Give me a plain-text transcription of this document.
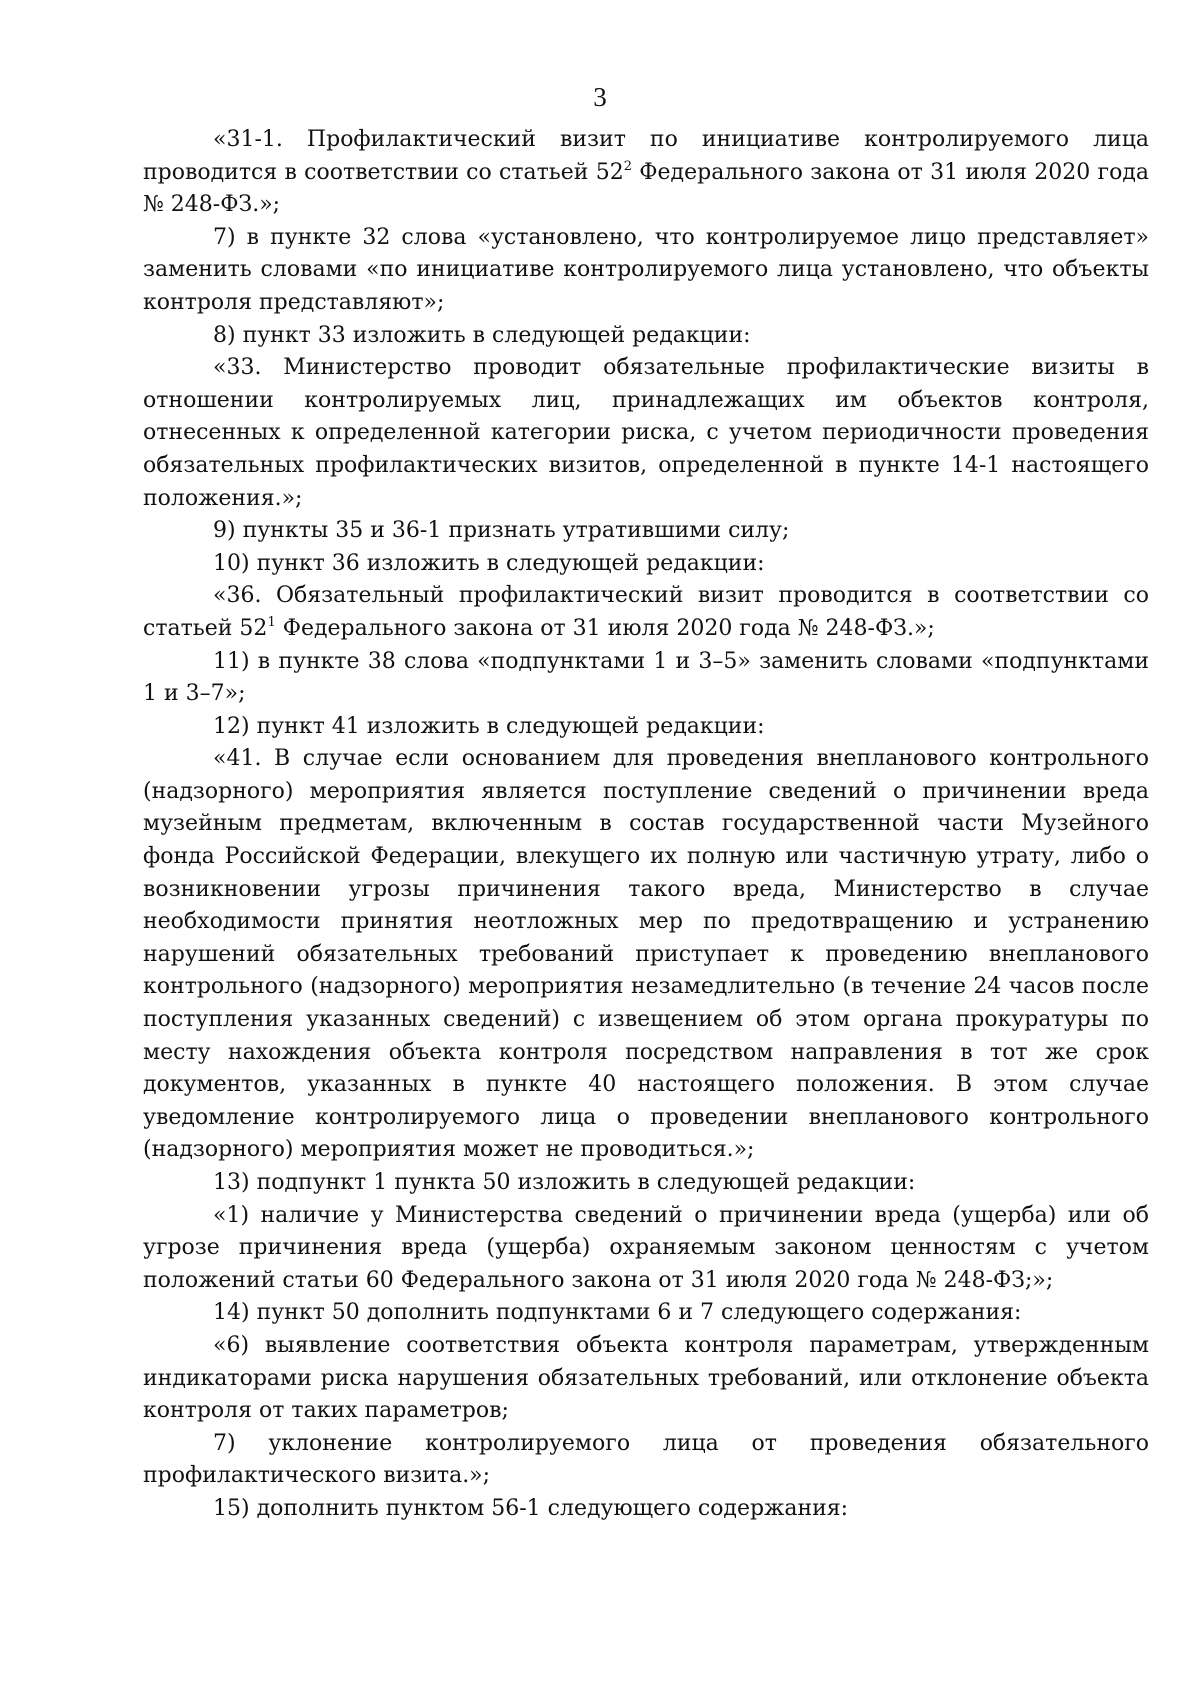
3

«31-1. Профилактический визит по инициативе контролируемого лица проводится в соответствии со статьей $52^2$ Федерального закона от 31 июля 2020 года № 248-ФЗ.»;

7) в пункте 32 слова «установлено, что контролируемое лицо представляет» заменить словами «по инициативе контролируемого лица установлено, что объекты контроля представляют»;

8) пункт 33 изложить в следующей редакции:

«33. Министерство проводит обязательные профилактические визиты в отношении контролируемых лиц, принадлежащих им объектов контроля, отнесенных к определенной категории риска, с учетом периодичности проведения обязательных профилактических визитов, определенной в пункте 14-1 настоящего положения.»;

9) пункты 35 и 36-1 признать утратившими силу;

10) пункт 36 изложить в следующей редакции:

«36. Обязательный профилактический визит проводится в соответствии со статьей $52^1$ Федерального закона от 31 июля 2020 года № 248-ФЗ.»;

11) в пункте 38 слова «подпунктами 1 и 3–5» заменить словами «подпунктами 1 и 3–7»;

12) пункт 41 изложить в следующей редакции:

«41. В случае если основанием для проведения внепланового контрольного (надзорного) мероприятия является поступление сведений о причинении вреда музейным предметам, включенным в состав государственной части Музейного фонда Российской Федерации, влекущего их полную или частичную утрату, либо о возникновении угрозы причинения такого вреда, Министерство в случае необходимости принятия неотложных мер по предотвращению и устранению нарушений обязательных требований приступает к проведению внепланового контрольного (надзорного) мероприятия незамедлительно (в течение 24 часов после поступления указанных сведений) с извещением об этом органа прокуратуры по месту нахождения объекта контроля посредством направления в тот же срок документов, указанных в пункте 40 настоящего положения. В этом случае уведомление контролируемого лица о проведении внепланового контрольного (надзорного) мероприятия может не проводиться.»;

13) подпункт 1 пункта 50 изложить в следующей редакции:

«1) наличие у Министерства сведений о причинении вреда (ущерба) или об угрозе причинения вреда (ущерба) охраняемым законом ценностям с учетом положений статьи 60 Федерального закона от 31 июля 2020 года № 248-ФЗ;»;

14) пункт 50 дополнить подпунктами 6 и 7 следующего содержания:

«6) выявление соответствия объекта контроля параметрам, утвержденным индикаторами риска нарушения обязательных требований, или отклонение объекта контроля от таких параметров;

7) уклонение контролируемого лица от проведения обязательного профилактического визита.»;

15) дополнить пунктом 56-1 следующего содержания:
